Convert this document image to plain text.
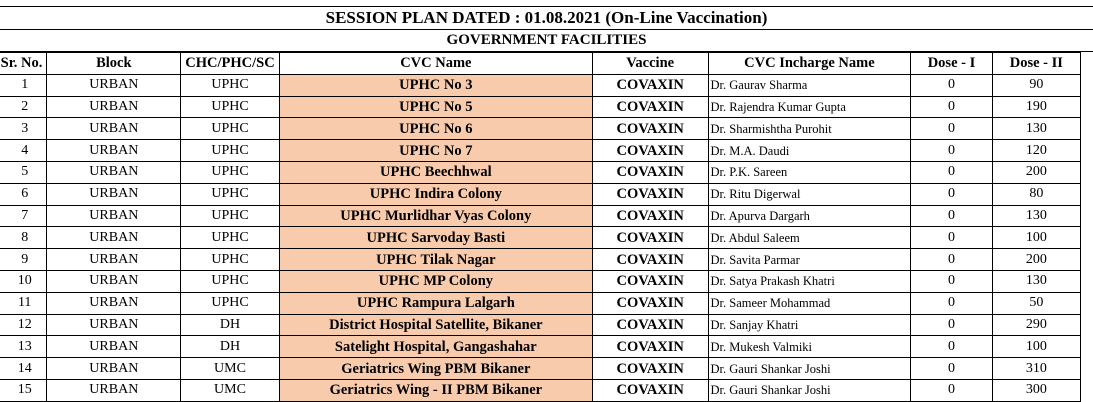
SESSION PLAN DATED : 01.08.2021 (On-Line Vaccination)
GOVERNMENT FACILITIES
Sr. No.	Block	CHC/PHC/SC	CVC Name	Vaccine	CVC Incharge Name	Dose - I	Dose - II
1	URBAN	UPHC	UPHC No 3	COVAXIN	Dr. Gaurav Sharma	0	90
2	URBAN	UPHC	UPHC No 5	COVAXIN	Dr. Rajendra Kumar Gupta	0	190
3	URBAN	UPHC	UPHC No 6	COVAXIN	Dr. Sharmishtha Purohit	0	130
4	URBAN	UPHC	UPHC No 7	COVAXIN	Dr. M.A. Daudi	0	120
5	URBAN	UPHC	UPHC Beechhwal	COVAXIN	Dr. P.K. Sareen	0	200
6	URBAN	UPHC	UPHC Indira Colony	COVAXIN	Dr. Ritu Digerwal	0	80
7	URBAN	UPHC	UPHC Murlidhar Vyas Colony	COVAXIN	Dr. Apurva Dargarh	0	130
8	URBAN	UPHC	UPHC Sarvoday Basti	COVAXIN	Dr. Abdul Saleem	0	100
9	URBAN	UPHC	UPHC Tilak Nagar	COVAXIN	Dr. Savita Parmar	0	200
10	URBAN	UPHC	UPHC MP Colony	COVAXIN	Dr. Satya Prakash Khatri	0	130
11	URBAN	UPHC	UPHC Rampura Lalgarh	COVAXIN	Dr. Sameer Mohammad	0	50
12	URBAN	DH	District Hospital Satellite, Bikaner	COVAXIN	Dr. Sanjay Khatri	0	290
13	URBAN	DH	Satelight Hospital, Gangashahar	COVAXIN	Dr. Mukesh Valmiki	0	100
14	URBAN	UMC	Geriatrics Wing PBM Bikaner	COVAXIN	Dr. Gauri Shankar Joshi	0	310
15	URBAN	UMC	Geriatrics Wing - II PBM Bikaner	COVAXIN	Dr. Gauri Shankar Joshi	0	300
